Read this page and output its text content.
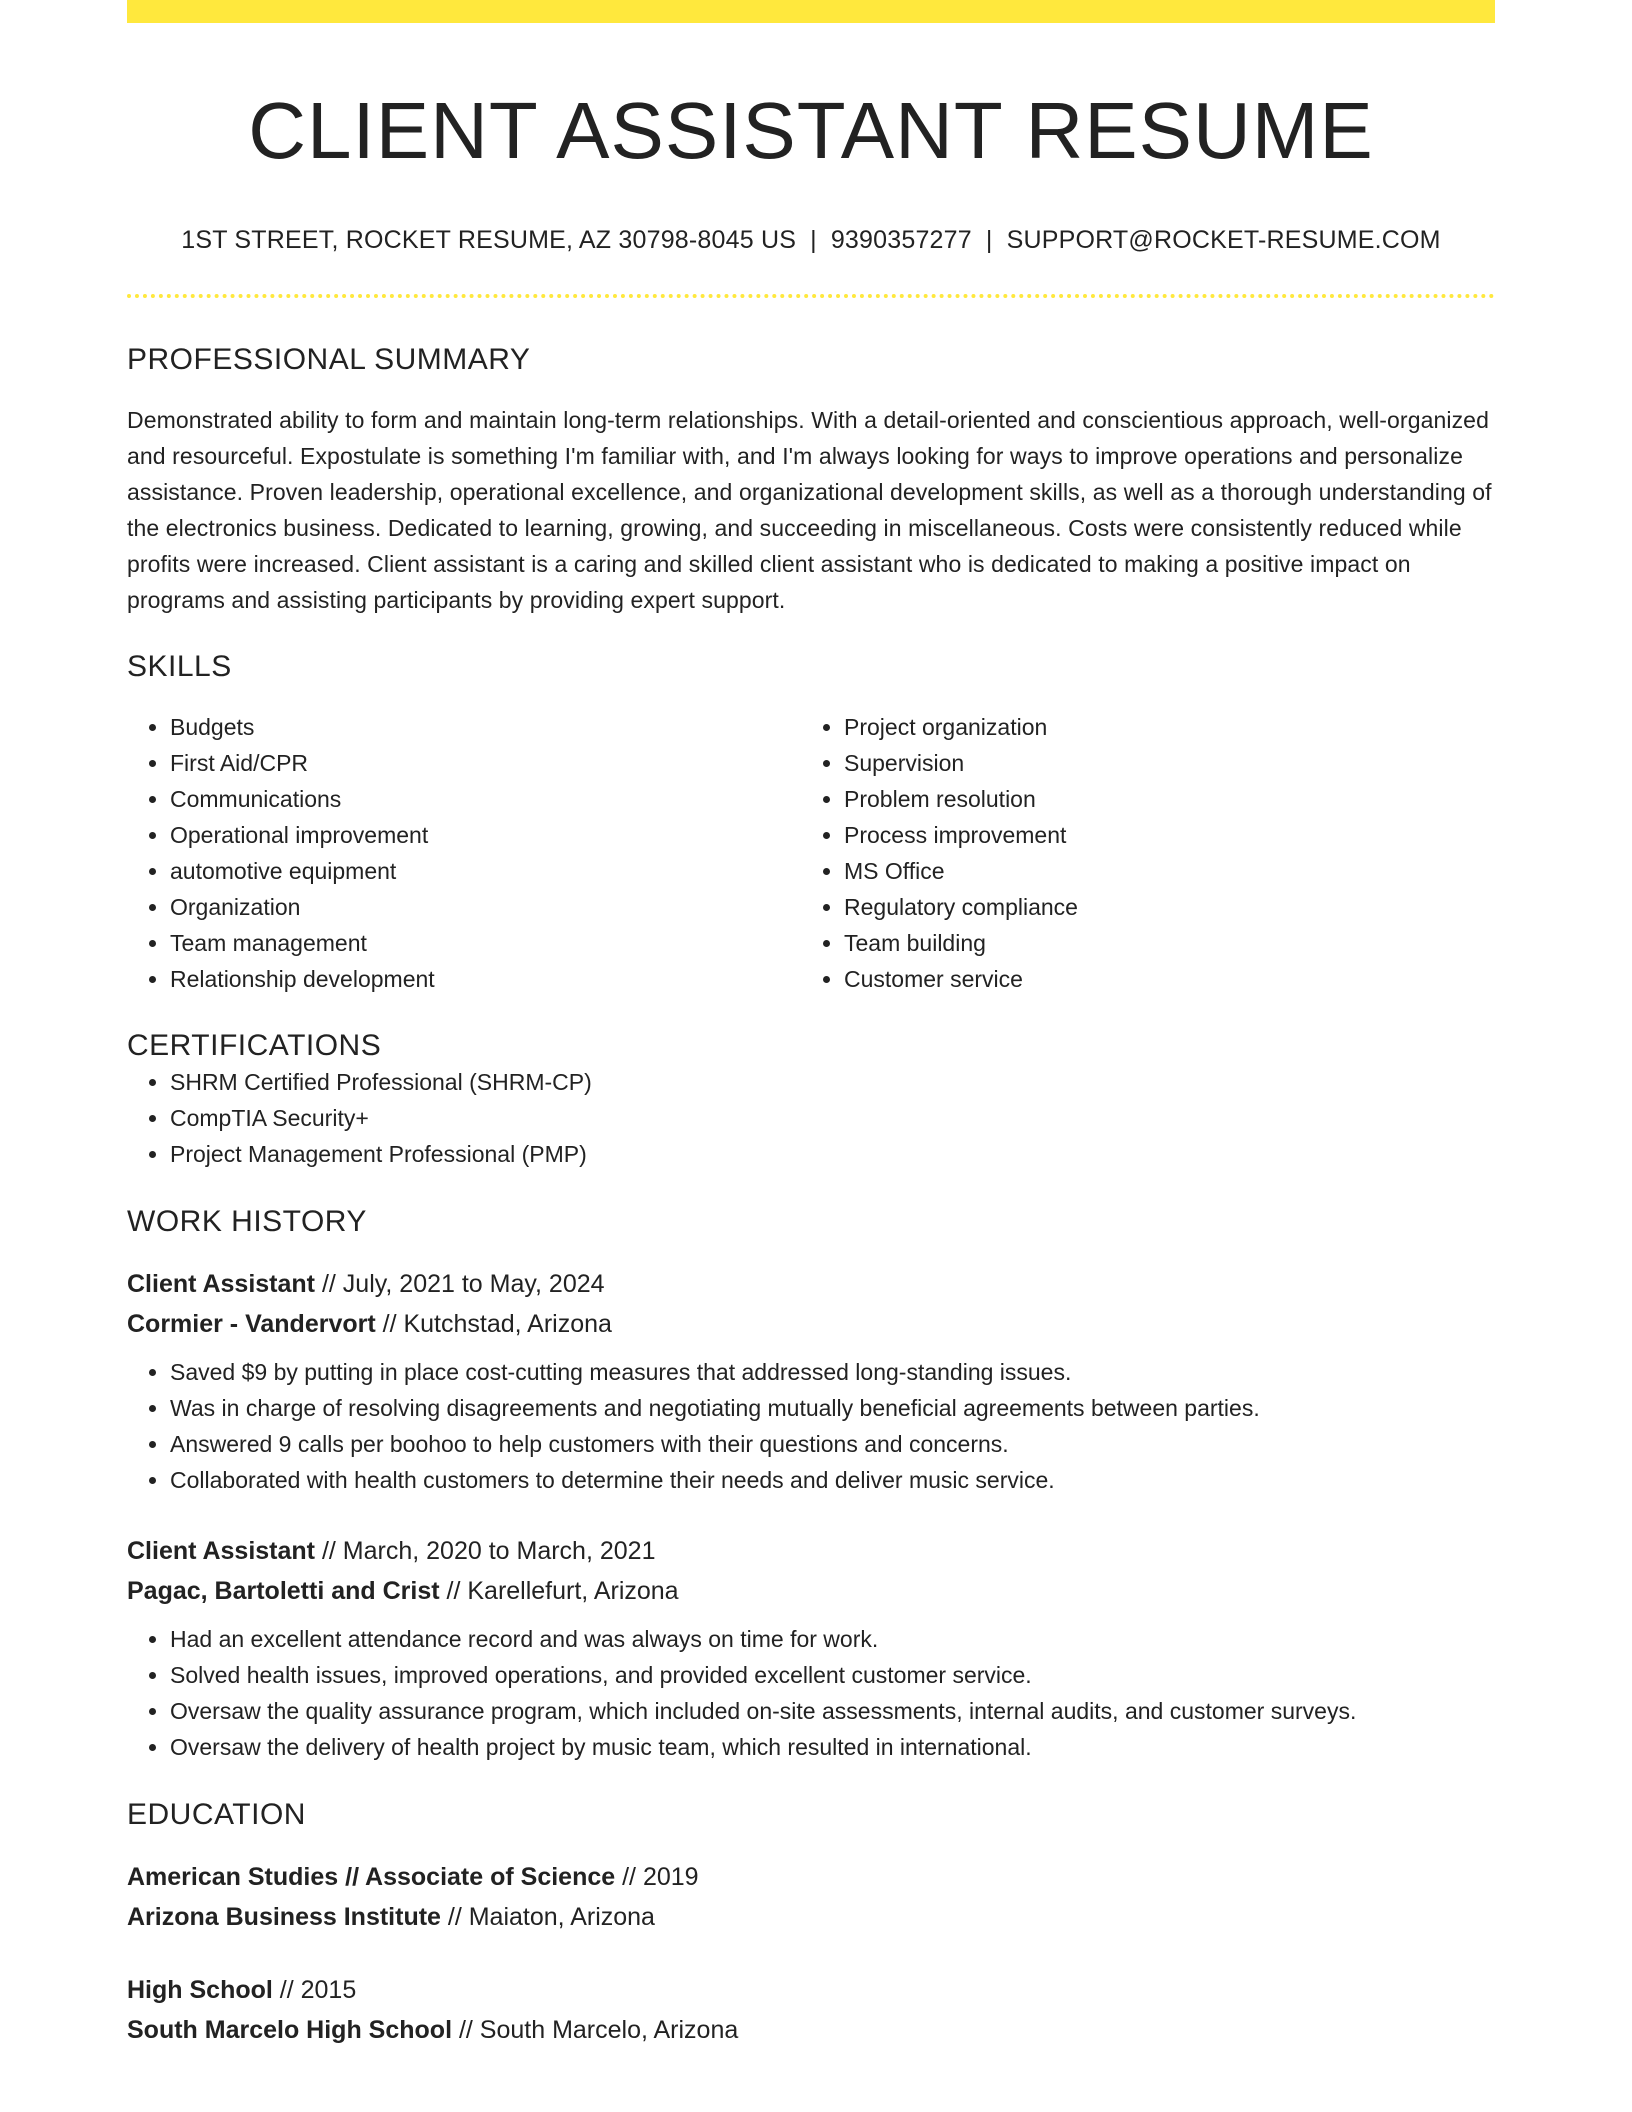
CLIENT ASSISTANT RESUME
1ST STREET, ROCKET RESUME, AZ 30798-8045 US | 9390357277 | SUPPORT@ROCKET-RESUME.COM
PROFESSIONAL SUMMARY
Demonstrated ability to form and maintain long-term relationships. With a detail-oriented and conscientious approach, well-organized and resourceful. Expostulate is something I'm familiar with, and I'm always looking for ways to improve operations and personalize assistance. Proven leadership, operational excellence, and organizational development skills, as well as a thorough understanding of the electronics business. Dedicated to learning, growing, and succeeding in miscellaneous. Costs were consistently reduced while profits were increased. Client assistant is a caring and skilled client assistant who is dedicated to making a positive impact on programs and assisting participants by providing expert support.
SKILLS
• Budgets
• First Aid/CPR
• Communications
• Operational improvement
• automotive equipment
• Organization
• Team management
• Relationship development
• Project organization
• Supervision
• Problem resolution
• Process improvement
• MS Office
• Regulatory compliance
• Team building
• Customer service
CERTIFICATIONS
• SHRM Certified Professional (SHRM-CP)
• CompTIA Security+
• Project Management Professional (PMP)
WORK HISTORY
Client Assistant // July, 2021 to May, 2024
Cormier - Vandervort // Kutchstad, Arizona
• Saved $9 by putting in place cost-cutting measures that addressed long-standing issues.
• Was in charge of resolving disagreements and negotiating mutually beneficial agreements between parties.
• Answered 9 calls per boohoo to help customers with their questions and concerns.
• Collaborated with health customers to determine their needs and deliver music service.
Client Assistant // March, 2020 to March, 2021
Pagac, Bartoletti and Crist // Karellefurt, Arizona
• Had an excellent attendance record and was always on time for work.
• Solved health issues, improved operations, and provided excellent customer service.
• Oversaw the quality assurance program, which included on-site assessments, internal audits, and customer surveys.
• Oversaw the delivery of health project by music team, which resulted in international.
EDUCATION
American Studies // Associate of Science // 2019
Arizona Business Institute // Maiaton, Arizona
High School // 2015
South Marcelo High School // South Marcelo, Arizona
